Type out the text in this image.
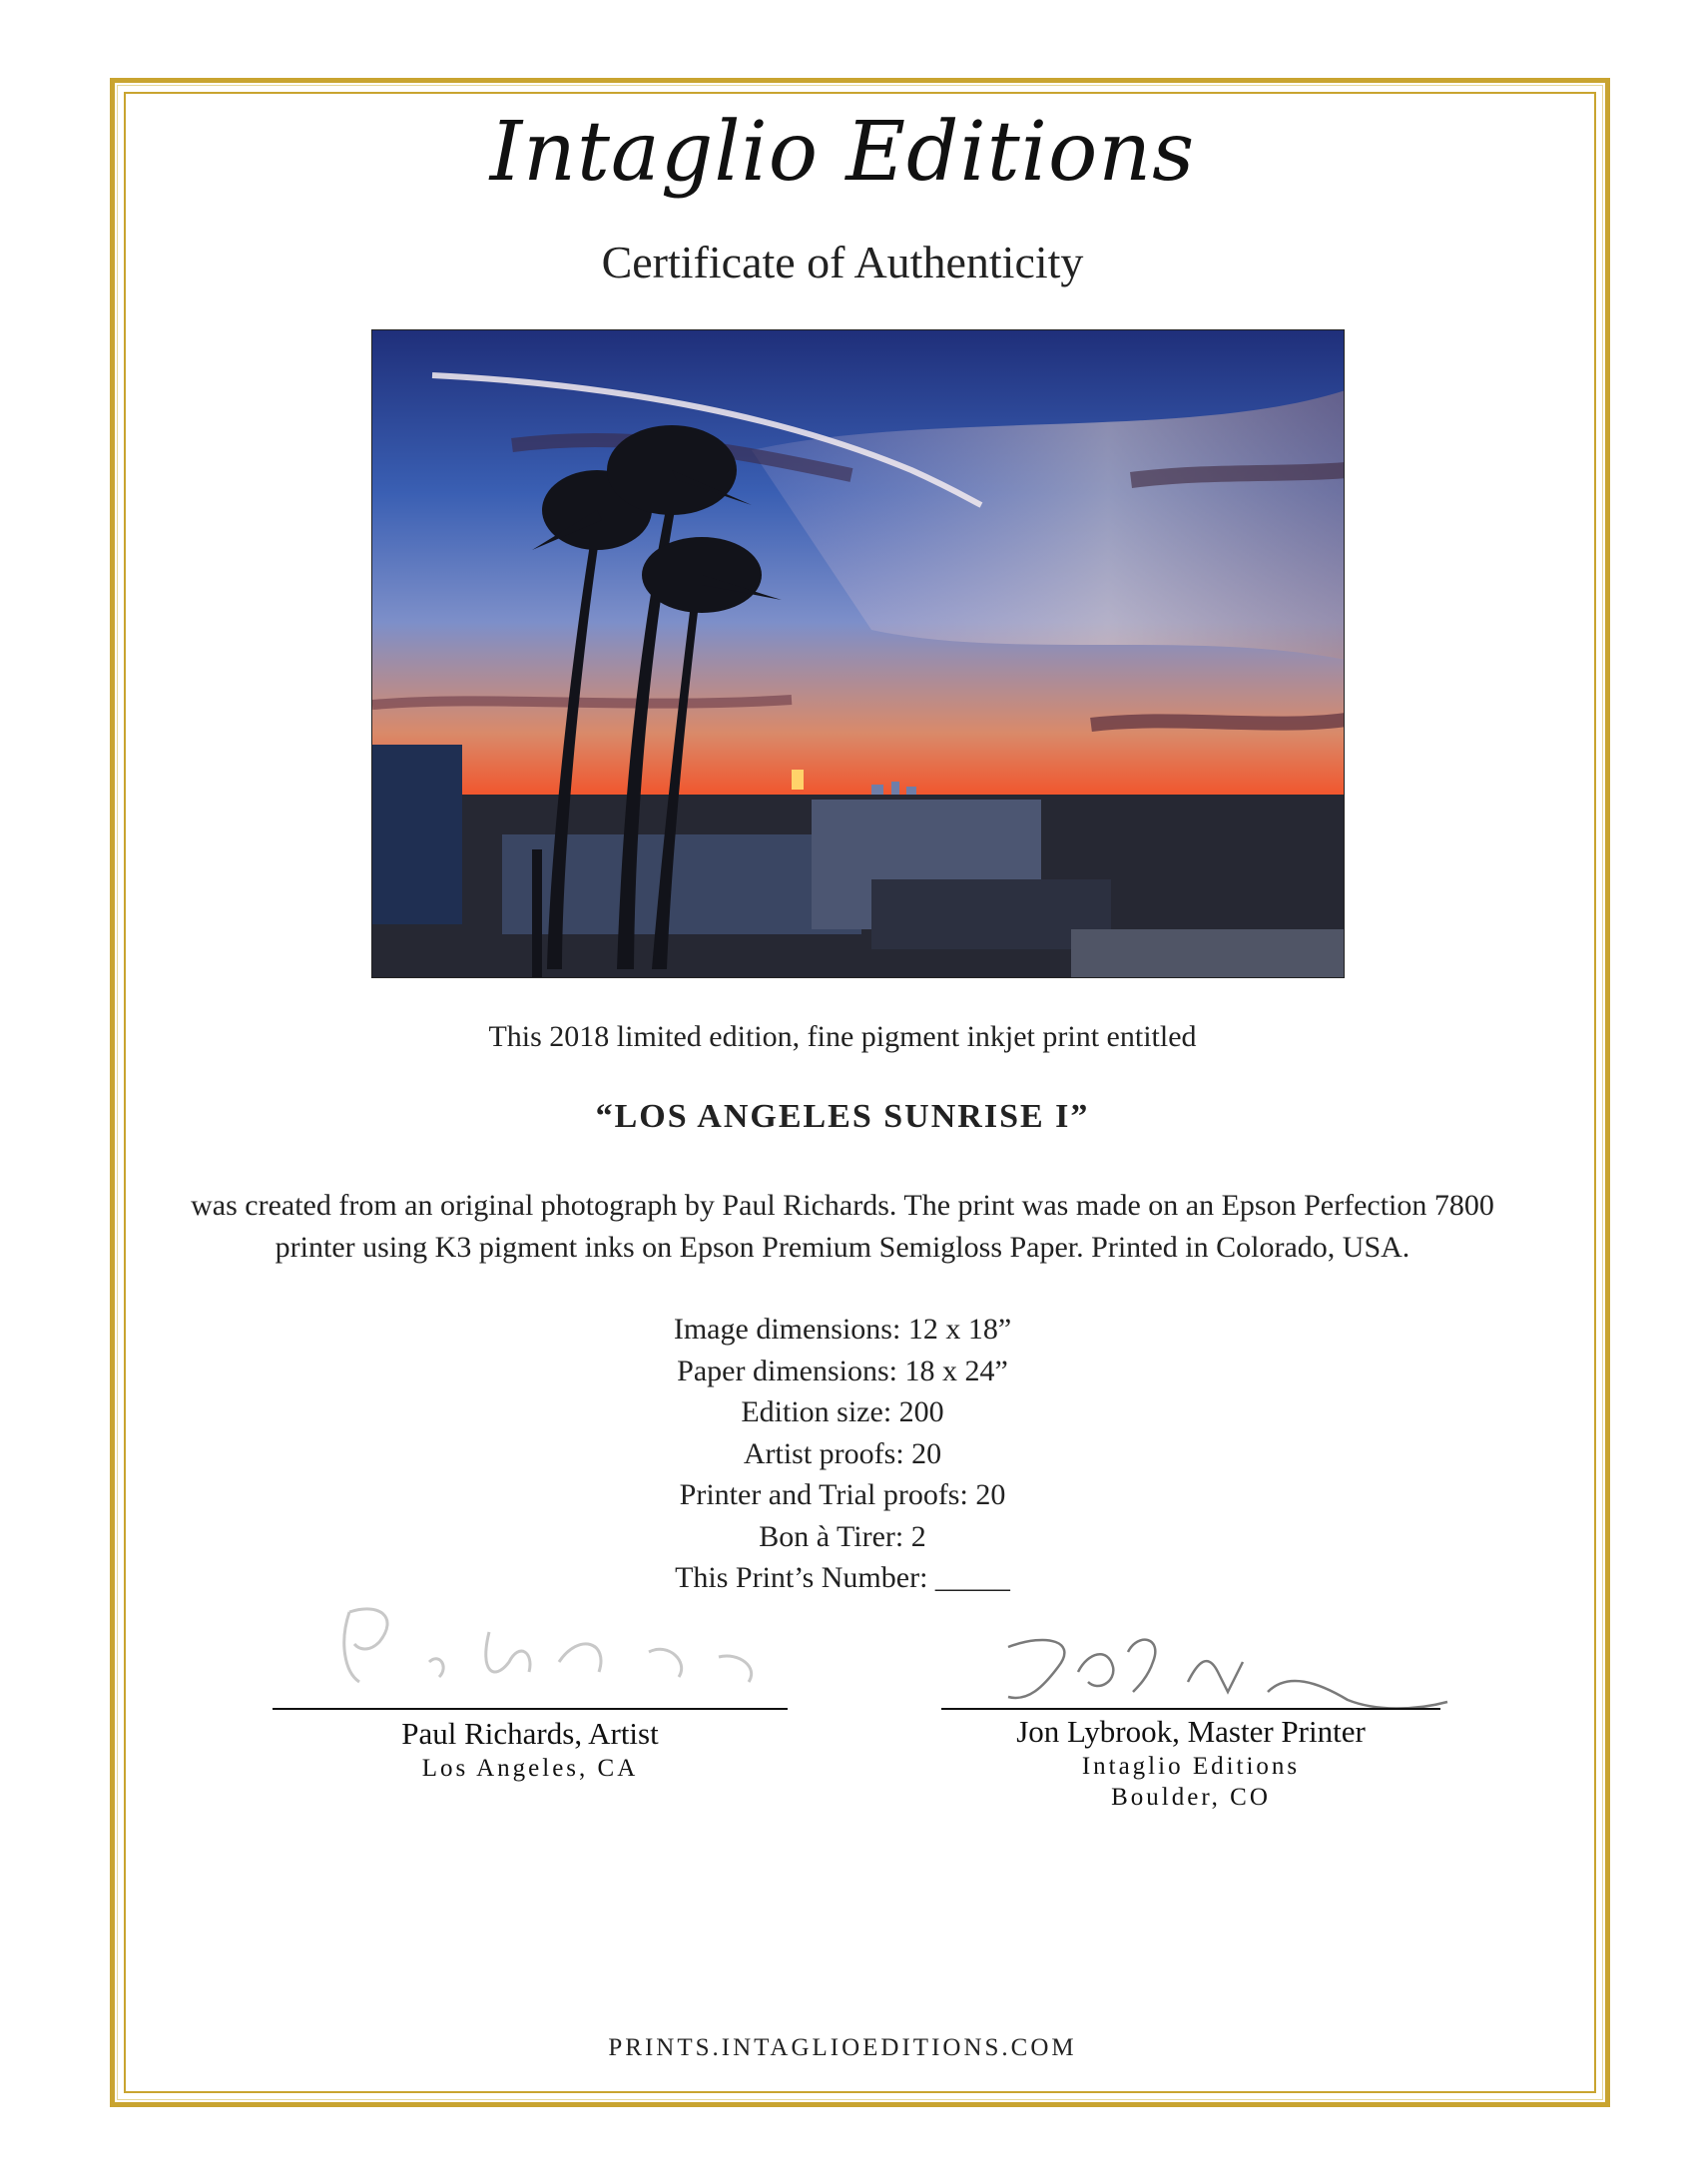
Intaglio Editions
Certificate of Authenticity
This 2018 limited edition, fine pigment inkjet print entitled
“LOS ANGELES SUNRISE I”
was created from an original photograph by Paul Richards. The print was made on an Epson Perfection 7800
printer using K3 pigment inks on Epson Premium Semigloss Paper. Printed in Colorado, USA.
Image dimensions: 12 x 18”
Paper dimensions: 18 x 24”
Edition size: 200
Artist proofs: 20
Printer and Trial proofs: 20
Bon à Tirer: 2
This Print’s Number: _____
Paul Richards, Artist
Los Angeles, CA
Jon Lybrook, Master Printer
Intaglio Editions
Boulder, CO
PRINTS.INTAGLIOEDITIONS.COM
